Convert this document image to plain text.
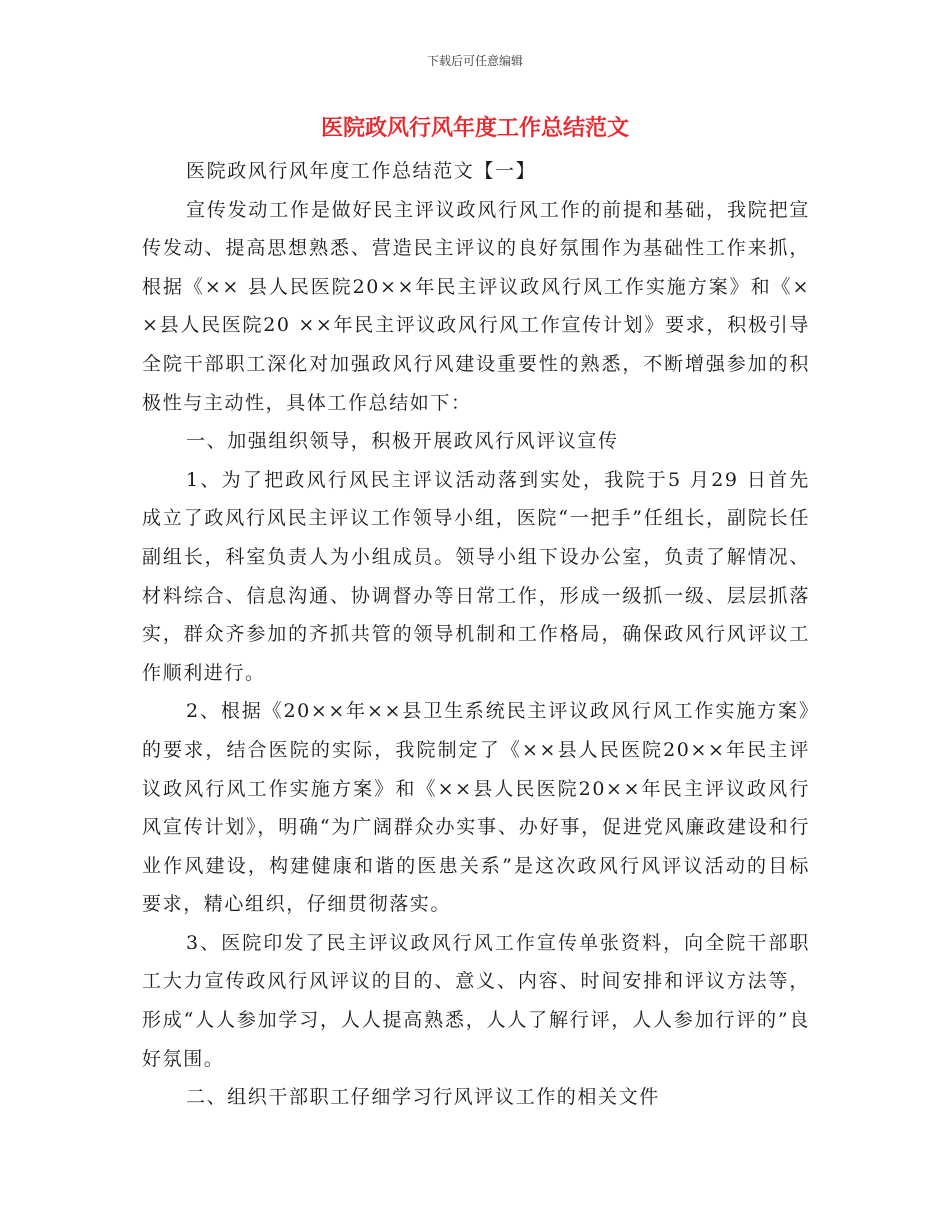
下载后可任意编辑
医院政风行风年度工作总结范文

医院政风行风年度工作总结范文【一】

宣传发动工作是做好民主评议政风行风工作的前提和基础，我院把宣传发动、提高思想熟悉、营造民主评议的良好氛围作为基础性工作来抓，根据《×× 县人民医院20××年民主评议政风行风工作实施方案》和《××县人民医院20 ××年民主评议政风行风工作宣传计划》要求，积极引导全院干部职工深化对加强政风行风建设重要性的熟悉，不断增强参加的积极性与主动性，具体工作总结如下：

一、加强组织领导，积极开展政风行风评议宣传

1、为了把政风行风民主评议活动落到实处，我院于5 月29 日首先成立了政风行风民主评议工作领导小组，医院“一把手”任组长，副院长任副组长，科室负责人为小组成员。领导小组下设办公室，负责了解情况、材料综合、信息沟通、协调督办等日常工作，形成一级抓一级、层层抓落实，群众齐参加的齐抓共管的领导机制和工作格局，确保政风行风评议工作顺利进行。

2、根据《20××年××县卫生系统民主评议政风行风工作实施方案》的要求，结合医院的实际，我院制定了《××县人民医院20××年民主评议政风行风工作实施方案》和《××县人民医院20××年民主评议政风行风宣传计划》，明确“为广阔群众办实事、办好事，促进党风廉政建设和行业作风建设，构建健康和谐的医患关系”是这次政风行风评议活动的目标要求，精心组织，仔细贯彻落实。

3、医院印发了民主评议政风行风工作宣传单张资料，向全院干部职工大力宣传政风行风评议的目的、意义、内容、时间安排和评议方法等，形成“人人参加学习，人人提高熟悉，人人了解行评，人人参加行评的”良好氛围。

二、组织干部职工仔细学习行风评议工作的相关文件
